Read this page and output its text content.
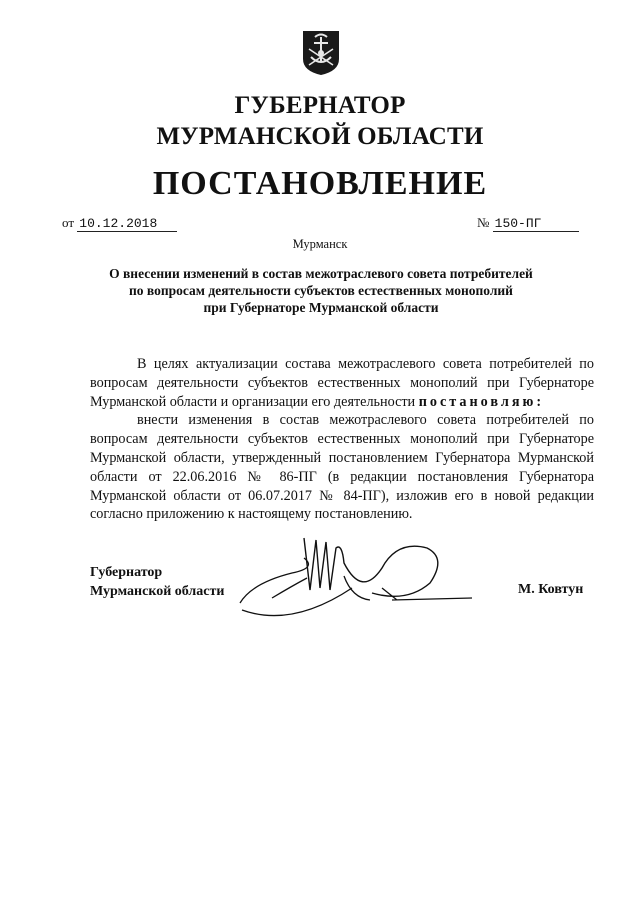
ГУБЕРНАТОР
МУРМАНСКОЙ ОБЛАСТИ
ПОСТАНОВЛЕНИЕ
от 10.12.2018	№ 150-ПГ
Мурманск
О внесении изменений в состав межотраслевого совета потребителей
по вопросам деятельности субъектов естественных монополий
при Губернаторе Мурманской области

В целях актуализации состава межотраслевого совета потребителей по вопросам деятельности субъектов естественных монополий при Губернаторе Мурманской области и организации его деятельности постановляю:

внести изменения в состав межотраслевого совета потребителей по вопросам деятельности субъектов естественных монополий при Губернаторе Мурманской области, утвержденный постановлением Губернатора Мурманской области от 22.06.2016 № 86-ПГ (в редакции постановления Губернатора Мурманской области от 06.07.2017 № 84-ПГ), изложив его в новой редакции согласно приложению к настоящему постановлению.

Губернатор
Мурманской области	М. Ковтун
